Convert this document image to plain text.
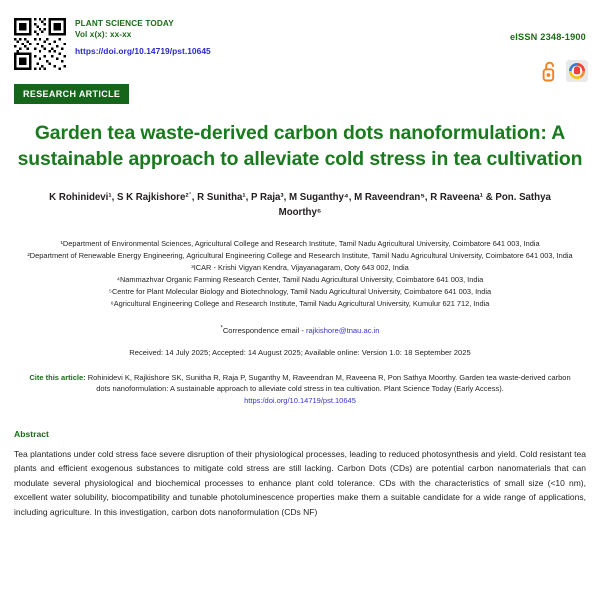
PLANT SCIENCE TODAY
Vol x(x): xx-xx
https://doi.org/10.14719/pst.10645
eISSN 2348-1900
RESEARCH ARTICLE
Garden tea waste-derived carbon dots nanoformulation: A sustainable approach to alleviate cold stress in tea cultivation
K Rohinidevi¹, S K Rajkishore²˙, R Sunitha¹, P Raja³, M Suganthy⁴, M Raveendran⁵, R Raveena¹ & Pon. Sathya Moorthy⁶

¹Department of Environmental Sciences, Agricultural College and Research Institute, Tamil Nadu Agricultural University, Coimbatore 641 003, India

²Department of Renewable Energy Engineering, Agricultural Engineering College and Research Institute, Tamil Nadu Agricultural University, Coimbatore 641 003, India

³ICAR - Krishi Vigyan Kendra, Vijayanagaram, Ooty 643 002, India

⁴Nammazhvar Organic Farming Research Center, Tamil Nadu Agricultural University, Coimbatore 641 003, India

⁵Centre for Plant Molecular Biology and Biotechnology, Tamil Nadu Agricultural University, Coimbatore 641 003, India

⁶Agricultural Engineering College and Research Institute, Tamil Nadu Agricultural University, Kumulur 621 712, India

*Correspondence email - rajkishore@tnau.ac.in
Received: 14 July 2025; Accepted: 14 August 2025; Available online: Version 1.0: 18 September 2025
Cite this article: Rohinidevi K, Rajkishore SK, Sunitha R, Raja P, Suganthy M, Raveendran M, Raveena R, Pon Sathya Moorthy. Garden tea waste-derived carbon dots nanoformulation: A sustainable approach to alleviate cold stress in tea cultivation. Plant Science Today (Early Access).
https:/doi.org/10.14719/pst.10645
Abstract
Tea plantations under cold stress face severe disruption of their physiological processes, leading to reduced photosynthesis and yield. Cold resistant tea plants and efficient exogenous substances to mitigate cold stress are still lacking. Carbon Dots (CDs) are potential carbon nanomaterials that can modulate several physiological and biochemical processes to enhance plant cold tolerance. CDs with the characteristics of small size (<10 nm), excellent water solubility, biocompatibility and tunable photoluminescence properties make them a suitable candidate for a wide range of applications, including agriculture. In this investigation, carbon dots nanoformulation (CDs NF)
